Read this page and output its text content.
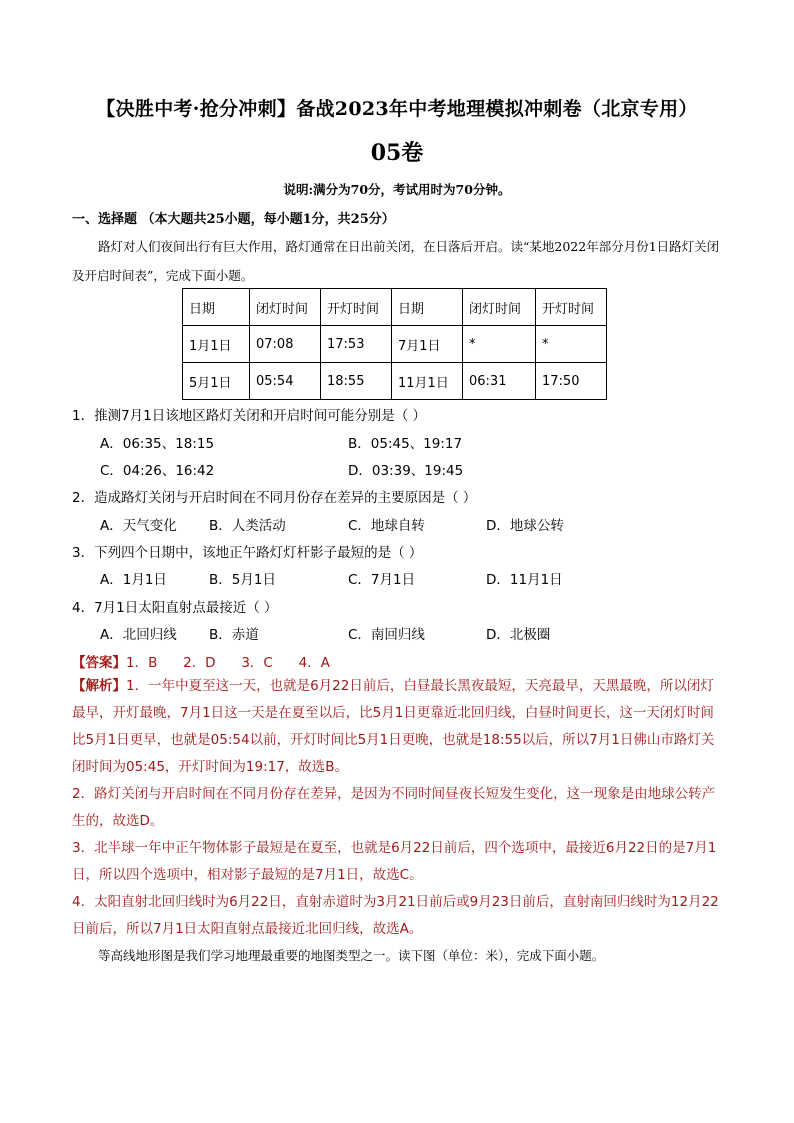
【决胜中考·抢分冲刺】备战2023年中考地理模拟冲刺卷（北京专用）
05卷
说明:满分为70分，考试用时为70分钟。
一、选择题 （本大题共25小题，每小题1分，共25分）
路灯对人们夜间出行有巨大作用，路灯通常在日出前关闭，在日落后开启。读“某地2022年部分月份1日路灯关闭及开启时间表”，完成下面小题。
日期	闭灯时间	开灯时间	日期	闭灯时间	开灯时间
1月1日	07:08	17:53	7月1日	*	*
5月1日	05:54	18:55	11月1日	06:31	17:50
1．推测7月1日该地区路灯关闭和开启时间可能分别是（ ）
A．06:35、18:15	B．05:45、19:17
C．04:26、16:42	D．03:39、19:45
2．造成路灯关闭与开启时间在不同月份存在差异的主要原因是（ ）
A．天气变化 B．人类活动	C．地球自转	D．地球公转
3．下列四个日期中，该地正午路灯灯杆影子最短的是（ ）
A．1月1日	B．5月1日	C．7月1日	D．11月1日
4．7月1日太阳直射点最接近（ ）
A．北回归线 B．赤道	C．南回归线	D．北极圈
【答案】1．B      2．D      3．C      4．A
【解析】1．一年中夏至这一天，也就是6月22日前后，白昼最长黑夜最短，天亮最早，天黑最晚，所以闭灯最早，开灯最晚，7月1日这一天是在夏至以后，比5月1日更靠近北回归线，白昼时间更长，这一天闭灯时间比5月1日更早，也就是05:54以前，开灯时间比5月1日更晚，也就是18:55以后，所以7月1日佛山市路灯关闭时间为05:45，开灯时间为19:17，故选B。
2．路灯关闭与开启时间在不同月份存在差异，是因为不同时间昼夜长短发生变化，这一现象是由地球公转产生的，故选D。
3．北半球一年中正午物体影子最短是在夏至，也就是6月22日前后，四个选项中，最接近6月22日的是7月1日，所以四个选项中，相对影子最短的是7月1日，故选C。
4．太阳直射北回归线时为6月22日，直射赤道时为3月21日前后或9月23日前后，直射南回归线时为12月22日前后，所以7月1日太阳直射点最接近北回归线，故选A。
等高线地形图是我们学习地理最重要的地图类型之一。读下图（单位：米），完成下面小题。
